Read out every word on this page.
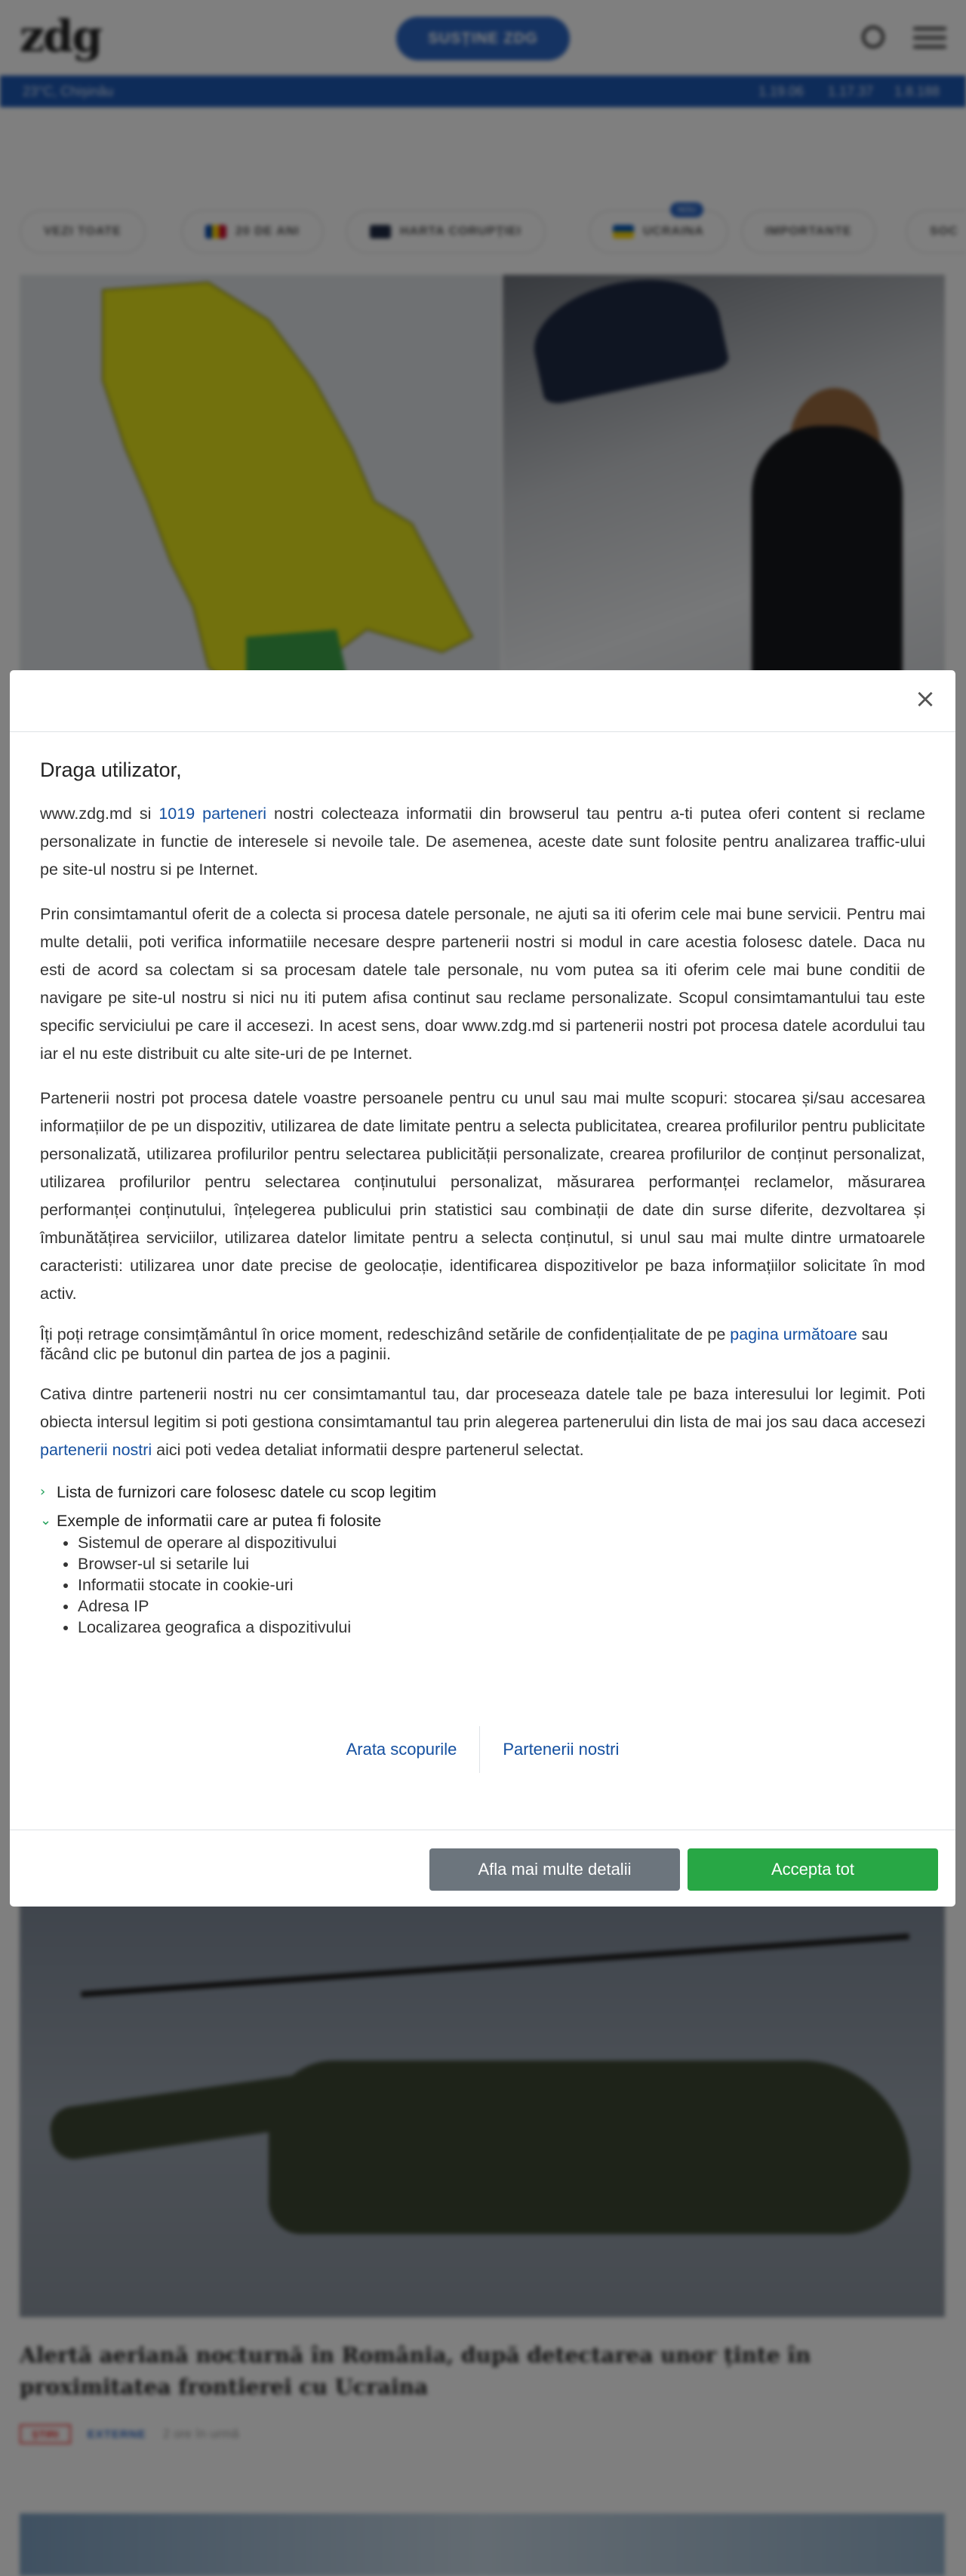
×
Draga utilizator,

www.zdg.md si 1019 parteneri nostri colecteaza informatii din browserul tau pentru a-ti putea oferi content si reclame personalizate in functie de interesele si nevoile tale. De asemenea, aceste date sunt folosite pentru analizarea traffic-ului pe site-ul nostru si pe Internet.

Prin consimtamantul oferit de a colecta si procesa datele personale, ne ajuti sa iti oferim cele mai bune servicii. Pentru mai multe detalii, poti verifica informatiile necesare despre partenerii nostri si modul in care acestia folosesc datele. Daca nu esti de acord sa colectam si sa procesam datele tale personale, nu vom putea sa iti oferim cele mai bune conditii de navigare pe site-ul nostru si nici nu iti putem afisa continut sau reclame personalizate. Scopul consimtamantului tau este specific serviciului pe care il accesezi. In acest sens, doar www.zdg.md si partenerii nostri pot procesa datele acordului tau iar el nu este distribuit cu alte site-uri de pe Internet.

Partenerii nostri pot procesa datele voastre persoanele pentru cu unul sau mai multe scopuri: stocarea și/sau accesarea informațiilor de pe un dispozitiv, utilizarea de date limitate pentru a selecta publicitatea, crearea profilurilor pentru publicitate personalizată, utilizarea profilurilor pentru selectarea publicității personalizate, crearea profilurilor de conținut personalizat, utilizarea profilurilor pentru selectarea conținutului personalizat, măsurarea performanței reclamelor, măsurarea performanței conținutului, înțelegerea publicului prin statistici sau combinații de date din surse diferite, dezvoltarea și îmbunătățirea serviciilor, utilizarea datelor limitate pentru a selecta conținutul, si unul sau mai multe dintre urmatoarele caracteristi: utilizarea unor date precise de geolocație, identificarea dispozitivelor pe baza informațiilor solicitate în mod activ.

Îți poți retrage consimțământul în orice moment, redeschizând setările de confidențialitate de pe pagina următoare sau făcând clic pe butonul din partea de jos a paginii.

Cativa dintre partenerii nostri nu cer consimtamantul tau, dar proceseaza datele tale pe baza interesului lor legimit. Poti obiecta intersul legitim si poti gestiona consimtamantul tau prin alegerea partenerului din lista de mai jos sau daca accesezi partenerii nostri aici poti vedea detaliat informatii despre partenerul selectat.

› Lista de furnizori care folosesc datele cu scop legitim
⌄ Exemple de informatii care ar putea fi folosite
• Sistemul de operare al dispozitivului
• Browser-ul si setarile lui
• Informatii stocate in cookie-uri
• Adresa IP
• Localizarea geografica a dispozitivului
Arata scopurile	Partenerii nostri
Afla mai multe detalii	Accepta tot
